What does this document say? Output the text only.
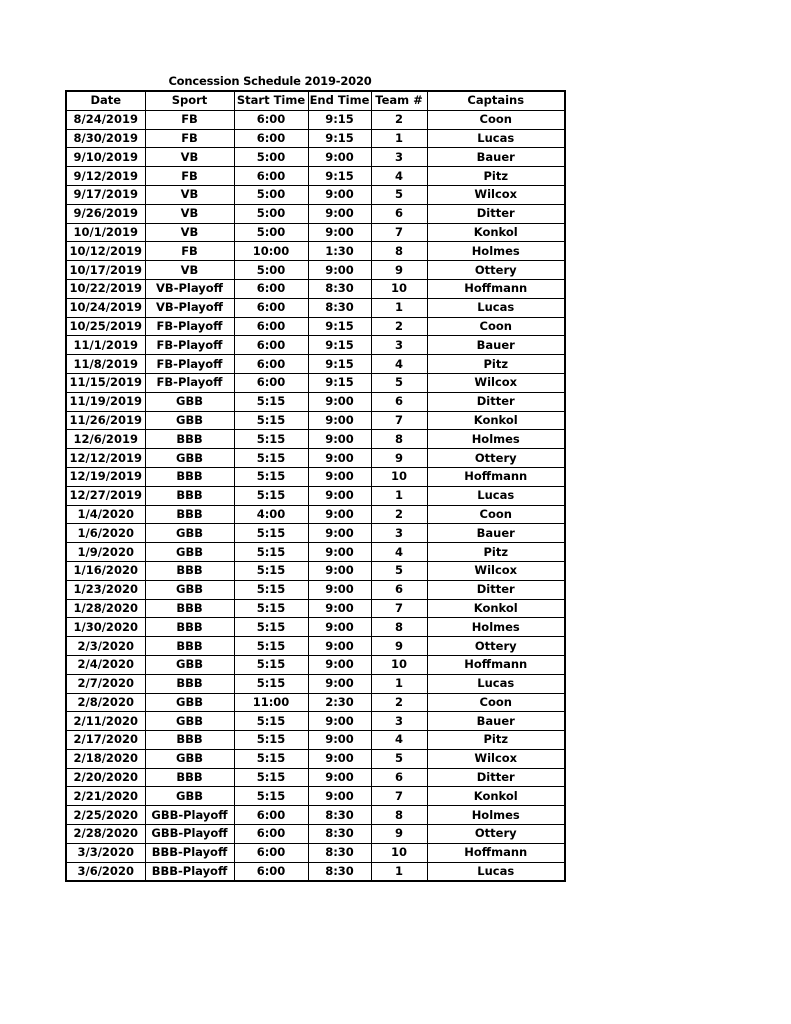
Concession Schedule 2019-2020
Date	Sport	Start Time	End Time	Team #	Captains
8/24/2019	FB	6:00	9:15	2	Coon
8/30/2019	FB	6:00	9:15	1	Lucas
9/10/2019	VB	5:00	9:00	3	Bauer
9/12/2019	FB	6:00	9:15	4	Pitz
9/17/2019	VB	5:00	9:00	5	Wilcox
9/26/2019	VB	5:00	9:00	6	Ditter
10/1/2019	VB	5:00	9:00	7	Konkol
10/12/2019	FB	10:00	1:30	8	Holmes
10/17/2019	VB	5:00	9:00	9	Ottery
10/22/2019	VB-Playoff	6:00	8:30	10	Hoffmann
10/24/2019	VB-Playoff	6:00	8:30	1	Lucas
10/25/2019	FB-Playoff	6:00	9:15	2	Coon
11/1/2019	FB-Playoff	6:00	9:15	3	Bauer
11/8/2019	FB-Playoff	6:00	9:15	4	Pitz
11/15/2019	FB-Playoff	6:00	9:15	5	Wilcox
11/19/2019	GBB	5:15	9:00	6	Ditter
11/26/2019	GBB	5:15	9:00	7	Konkol
12/6/2019	BBB	5:15	9:00	8	Holmes
12/12/2019	GBB	5:15	9:00	9	Ottery
12/19/2019	BBB	5:15	9:00	10	Hoffmann
12/27/2019	BBB	5:15	9:00	1	Lucas
1/4/2020	BBB	4:00	9:00	2	Coon
1/6/2020	GBB	5:15	9:00	3	Bauer
1/9/2020	GBB	5:15	9:00	4	Pitz
1/16/2020	BBB	5:15	9:00	5	Wilcox
1/23/2020	GBB	5:15	9:00	6	Ditter
1/28/2020	BBB	5:15	9:00	7	Konkol
1/30/2020	BBB	5:15	9:00	8	Holmes
2/3/2020	BBB	5:15	9:00	9	Ottery
2/4/2020	GBB	5:15	9:00	10	Hoffmann
2/7/2020	BBB	5:15	9:00	1	Lucas
2/8/2020	GBB	11:00	2:30	2	Coon
2/11/2020	GBB	5:15	9:00	3	Bauer
2/17/2020	BBB	5:15	9:00	4	Pitz
2/18/2020	GBB	5:15	9:00	5	Wilcox
2/20/2020	BBB	5:15	9:00	6	Ditter
2/21/2020	GBB	5:15	9:00	7	Konkol
2/25/2020	GBB-Playoff	6:00	8:30	8	Holmes
2/28/2020	GBB-Playoff	6:00	8:30	9	Ottery
3/3/2020	BBB-Playoff	6:00	8:30	10	Hoffmann
3/6/2020	BBB-Playoff	6:00	8:30	1	Lucas
